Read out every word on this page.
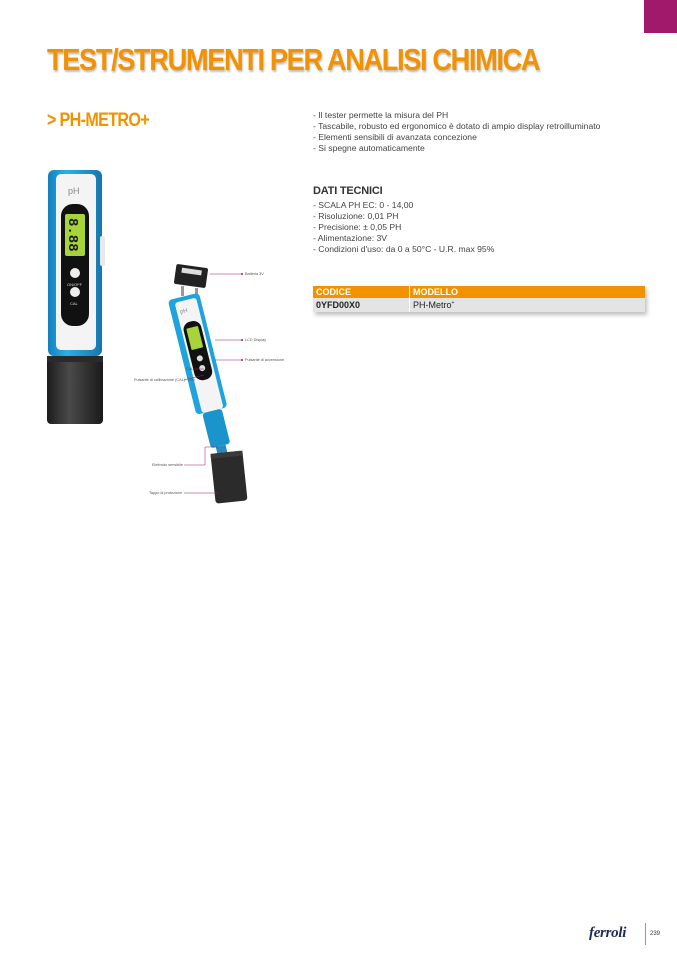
TEST/STRUMENTI PER ANALISI CHIMICA
> PH-METRO+	- Il tester permette la misura del PH
- Tascabile, robusto ed ergonomico è dotato di ampio display retroilluminato
- Elementi sensibili di avanzata concezione
- Si spegne automaticamente
DATI TECNICI
- SCALA PH EC: 0 - 14,00
- Risoluzione: 0,01 PH
- Precisione: ± 0,05 PH
- Alimentazione: 3V
- Condizioni d'uso: da 0 a 50°C - U.R. max 95%
CODICE	MODELLO
0YFD00X0	PH-Metro+
pH
8.88
ON/OFF
CAL
pH
Batteria 3V
LCD Display
Pulsante di accensione
CAL
Pulsante di calibrazione (CAL): 7.00
Elettrodo sensibile
Tappo di protezione
ferroli	239
